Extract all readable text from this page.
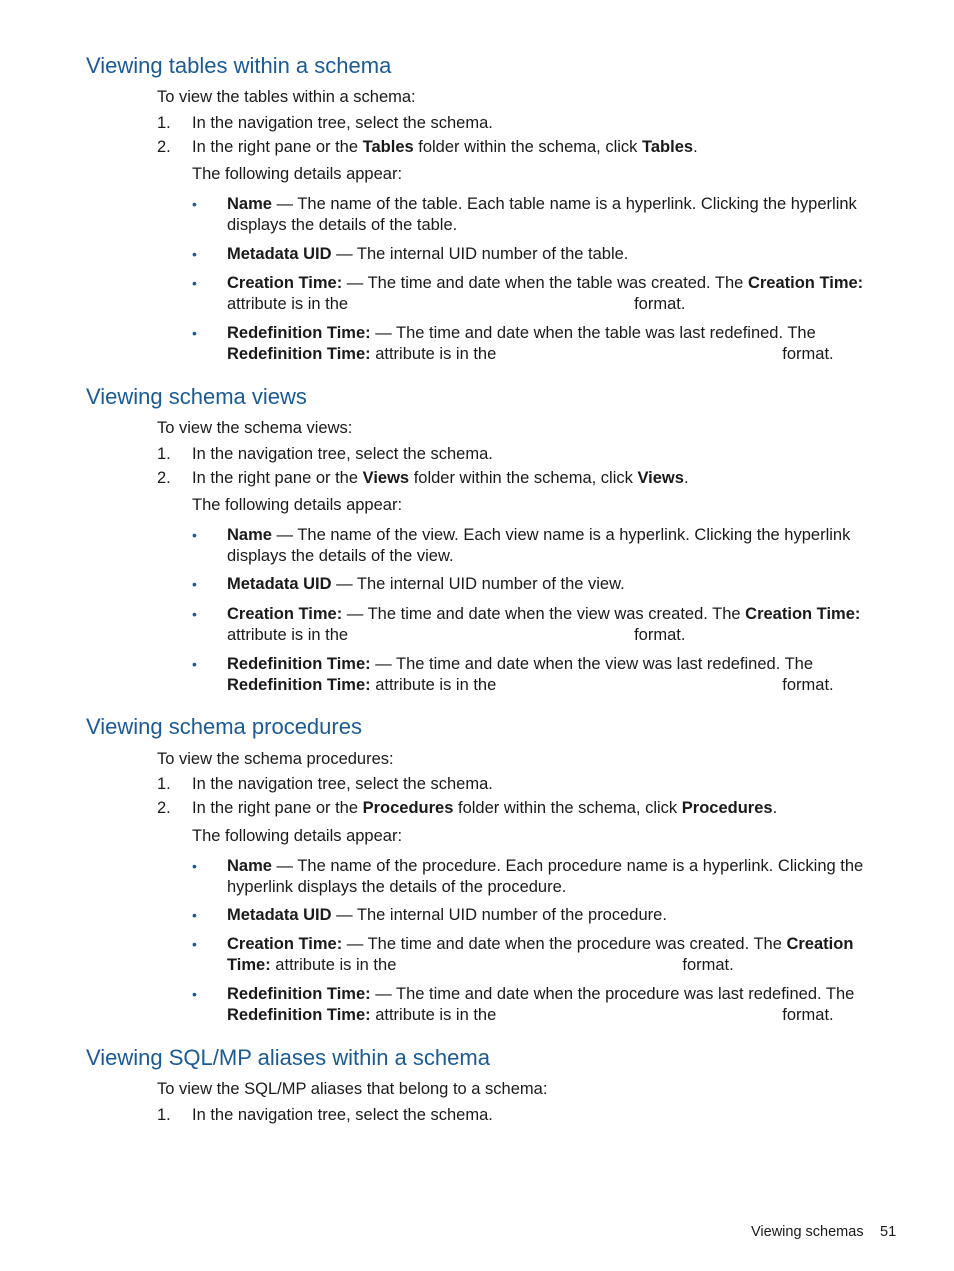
Viewing tables within a schema
To view the tables within a schema:
1.	In the navigation tree, select the schema.
2.	In the right pane or the Tables folder within the schema, click Tables.
The following details appear:
• Name — The name of the table. Each table name is a hyperlink. Clicking the hyperlink displays the details of the table.
• Metadata UID — The internal UID number of the table.
• Creation Time: — The time and date when the table was created. The Creation Time: attribute is in the	format.
• Redefinition Time: — The time and date when the table was last redefined. The Redefinition Time: attribute is in the	format.
Viewing schema views
To view the schema views:
1.	In the navigation tree, select the schema.
2.	In the right pane or the Views folder within the schema, click Views.
The following details appear:
• Name — The name of the view. Each view name is a hyperlink. Clicking the hyperlink displays the details of the view.
• Metadata UID — The internal UID number of the view.
• Creation Time: — The time and date when the view was created. The Creation Time: attribute is in the	format.
• Redefinition Time: — The time and date when the view was last redefined. The Redefinition Time: attribute is in the	format.
Viewing schema procedures
To view the schema procedures:
1.	In the navigation tree, select the schema.
2.	In the right pane or the Procedures folder within the schema, click Procedures.
The following details appear:
• Name — The name of the procedure. Each procedure name is a hyperlink. Clicking the hyperlink displays the details of the procedure.
• Metadata UID — The internal UID number of the procedure.
• Creation Time: — The time and date when the procedure was created. The Creation Time: attribute is in the	format.
• Redefinition Time: — The time and date when the procedure was last redefined. The Redefinition Time: attribute is in the	format.
Viewing SQL/MP aliases within a schema
To view the SQL/MP aliases that belong to a schema:
1.	In the navigation tree, select the schema.
Viewing schemas 51
